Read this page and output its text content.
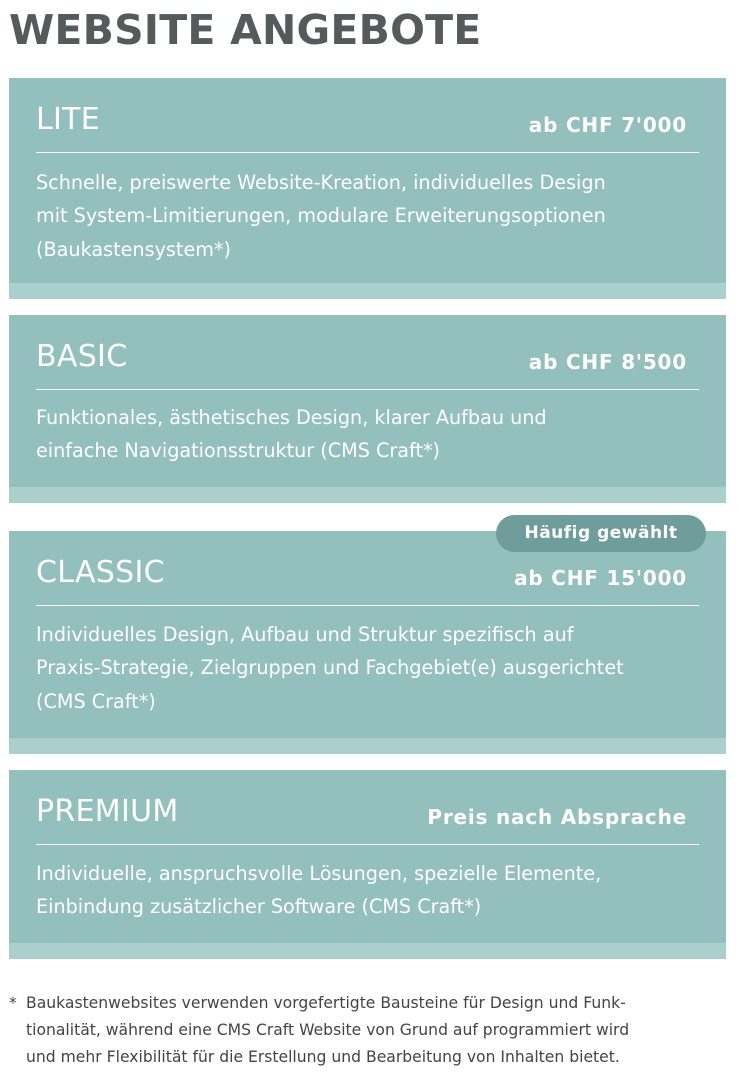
WEBSITE ANGEBOTE
LITE	ab CHF 7'000

Schnelle, preiswerte Website-Kreation, individuelles Design
mit System-Limitierungen, modulare Erweiterungsoptionen
(Baukastensystem*)

BASIC	ab CHF 8'500

Funktionales, ästhetisches Design, klarer Aufbau und
einfache Navigationsstruktur (CMS Craft*)

CLASSIC	ab CHF 15'000

Individuelles Design, Aufbau und Struktur spezifisch auf
Praxis-Strategie, Zielgruppen und Fachgebiet(e) ausgerichtet
(CMS Craft*)

Häufig gewählt
PREMIUM	Preis nach Absprache

Individuelle, anspruchsvolle Lösungen, spezielle Elemente,
Einbindung zusätzlicher Software (CMS Craft*)

* Baukastenwebsites verwenden vorgefertigte Bausteine für Design und Funk-
tionalität, während eine CMS Craft Website von Grund auf programmiert wird
und mehr Flexibilität für die Erstellung und Bearbeitung von Inhalten bietet.
